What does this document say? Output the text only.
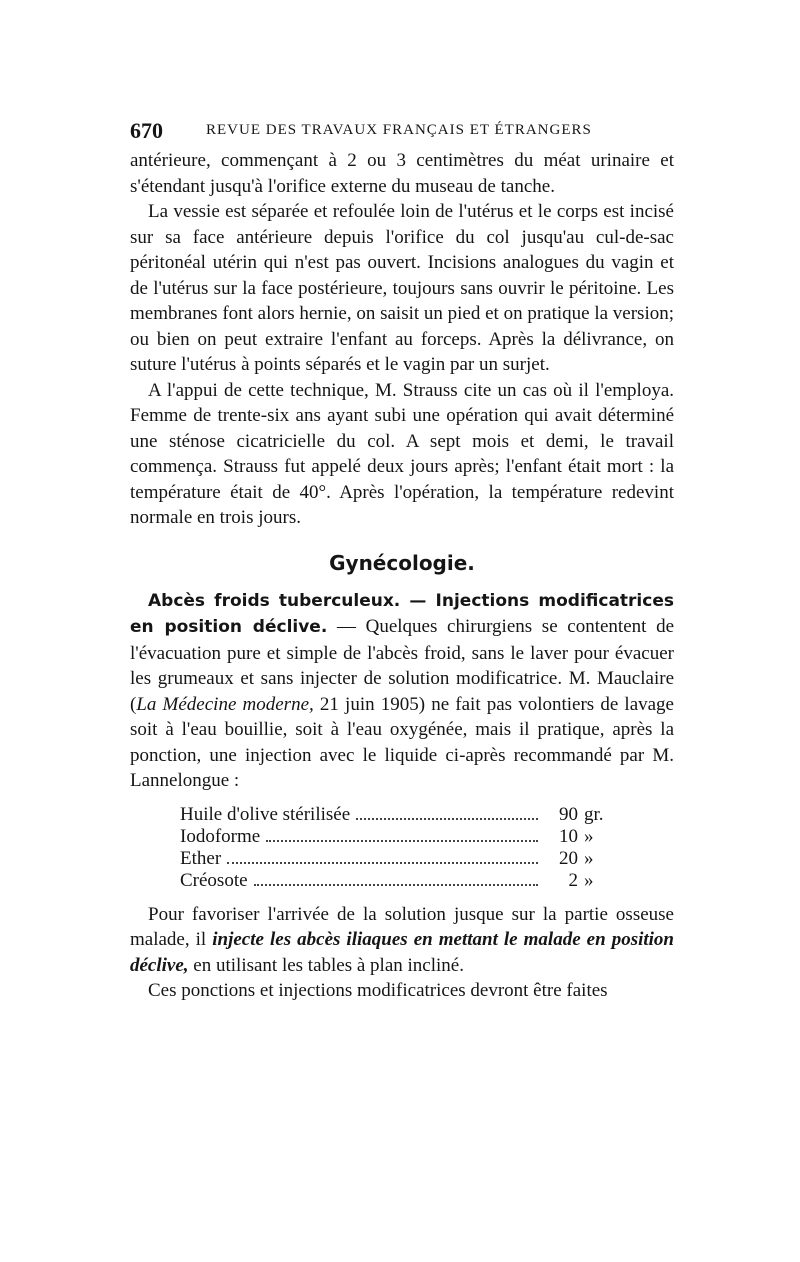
670	REVUE DES TRAVAUX FRANÇAIS ET ÉTRANGERS

antérieure, commençant à 2 ou 3 centimètres du méat urinaire et s'étendant jusqu'à l'orifice externe du museau de tanche.

La vessie est séparée et refoulée loin de l'utérus et le corps est incisé sur sa face antérieure depuis l'orifice du col jusqu'au cul-de-sac péritonéal utérin qui n'est pas ouvert. Incisions analogues du vagin et de l'utérus sur la face postérieure, toujours sans ouvrir le péritoine. Les membranes font alors hernie, on saisit un pied et on pratique la version; ou bien on peut extraire l'enfant au forceps. Après la délivrance, on suture l'utérus à points séparés et le vagin par un surjet.

A l'appui de cette technique, M. Strauss cite un cas où il l'employa. Femme de trente-six ans ayant subi une opération qui avait déterminé une sténose cicatricielle du col. A sept mois et demi, le travail commença. Strauss fut appelé deux jours après; l'enfant était mort : la température était de 40°. Après l'opération, la température redevint normale en trois jours.

Gynécologie.

Abcès froids tuberculeux. — Injections modificatrices en position déclive. — Quelques chirurgiens se contentent de l'évacuation pure et simple de l'abcès froid, sans le laver pour évacuer les grumeaux et sans injecter de solution modificatrice. M. Mauclaire (La Médecine moderne, 21 juin 1905) ne fait pas volontiers de lavage soit à l'eau bouillie, soit à l'eau oxygénée, mais il pratique, après la ponction, une injection avec le liquide ci-après recommandé par M. Lannelongue :

Huile d'olive stérilisée	90 gr.
Iodoforme	10 »
Ether	20 »
Créosote	2 »

Pour favoriser l'arrivée de la solution jusque sur la partie osseuse malade, il injecte les abcès iliaques en mettant le malade en position déclive, en utilisant les tables à plan incliné.

Ces ponctions et injections modificatrices devront être faites
